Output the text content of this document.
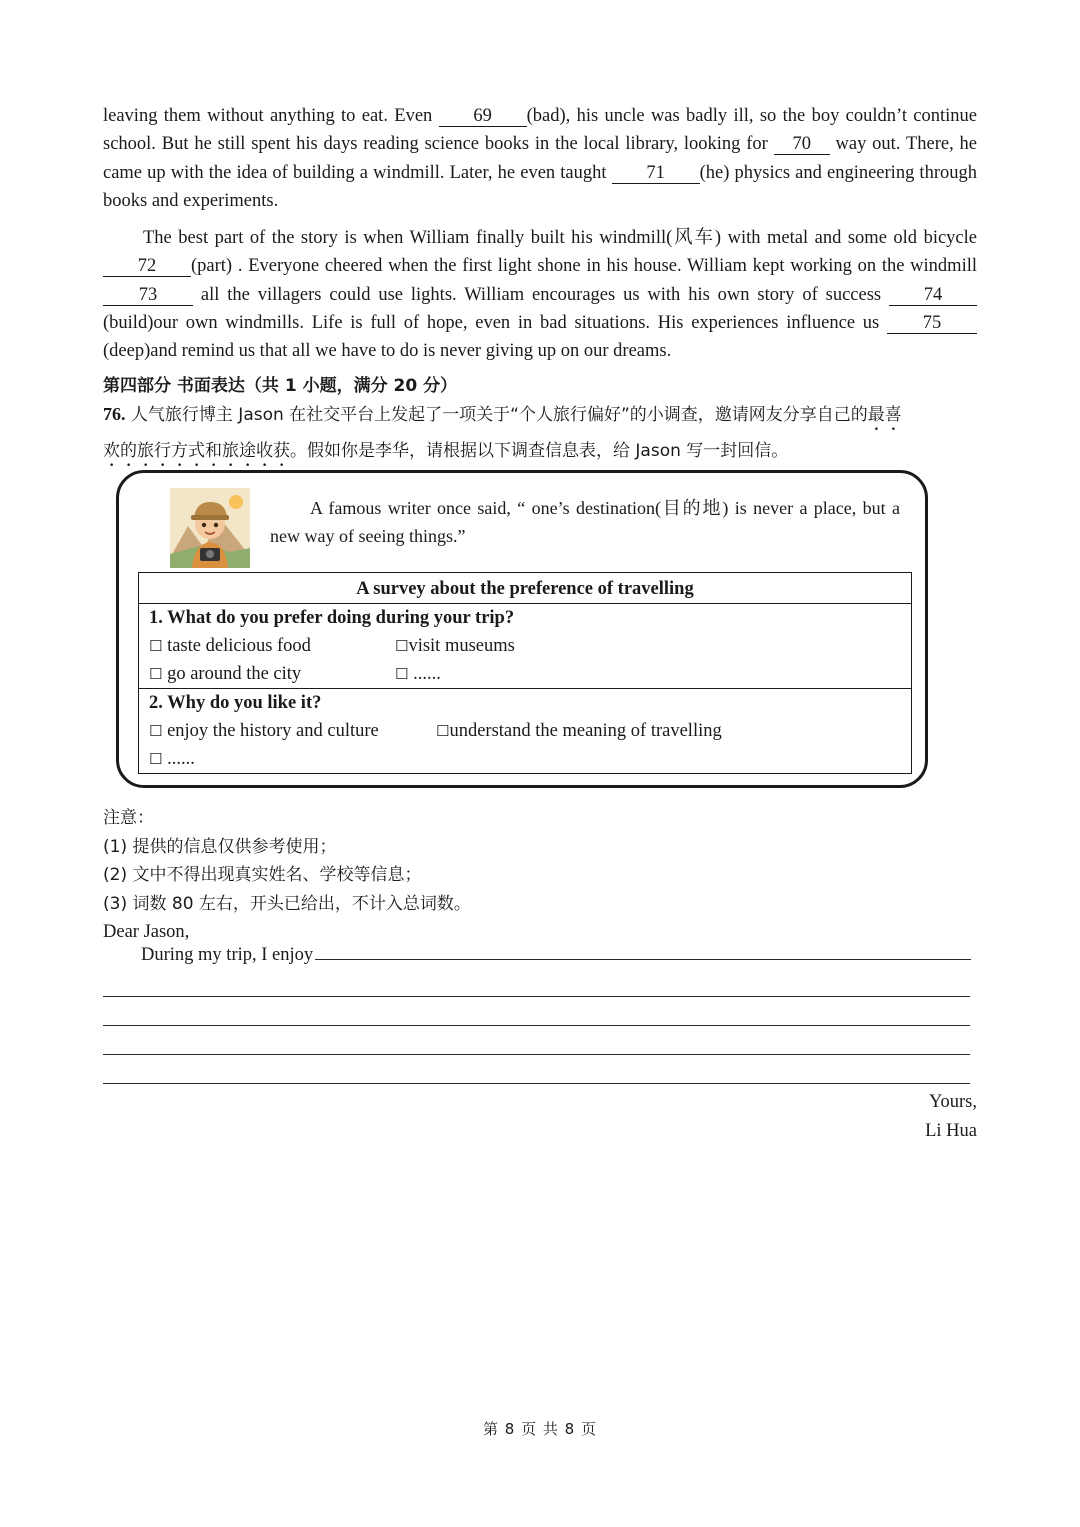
leaving them without anything to eat. Even 69 (bad), his uncle was badly ill, so the boy couldn’t continue school. But he still spent his days reading science books in the local library, looking for 70 way out. There, he came up with the idea of building a windmill. Later, he even taught 71 (he) physics and engineering through books and experiments.

The best part of the story is when William finally built his windmill(风车) with metal and some old bicycle 72 (part) . Everyone cheered when the first light shone in his house. William kept working on the windmill 73 all the villagers could use lights. William encourages us with his own story of success 74(build)our own windmills. Life is full of hope, even in bad situations. His experiences influence us 75(deep)and remind us that all we have to do is never giving up on our dreams.

第四部分 书面表达（共 1 小题，满分 20 分）
76. 人气旅行博主 Jason 在社交平台上发起了一项关于“个人旅行偏好”的小调查，邀请网友分享自己的最喜
欢的旅行方式和旅途收获。假如你是李华，请根据以下调查信息表，给 Jason 写一封回信。
A famous writer once said, “ one’s destination(目的地) is never a place, but a new way of seeing things.”
A survey about the preference of travelling
1. What do you prefer doing during your trip?
☐ taste delicious food	☐visit museums
☐ go around the city	☐ ......
2. Why do you like it?
☐ enjoy the history and culture	☐understand the meaning of travelling
☐ ......
注意：
(1) 提供的信息仅供参考使用；
(2) 文中不得出现真实姓名、学校等信息；
(3) 词数 80 左右，开头已给出，不计入总词数。
Dear Jason,
During my trip, I enjoy
Yours,
Li Hua
第 8 页 共 8 页
